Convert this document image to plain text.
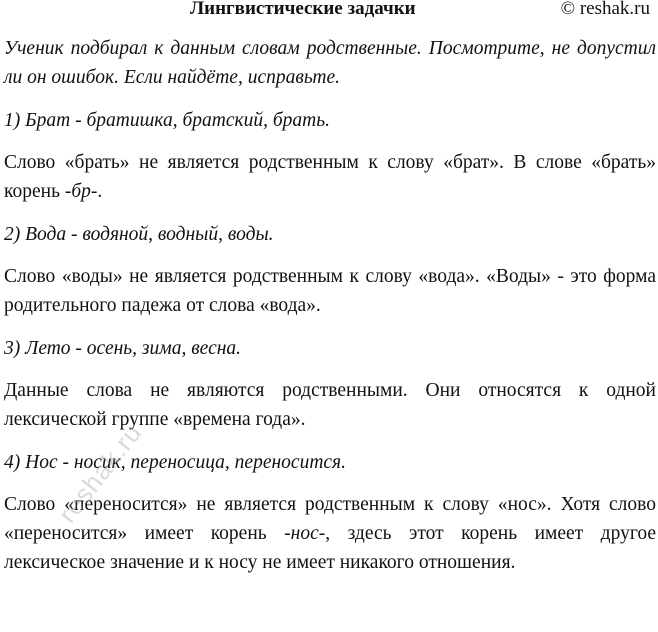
Лингвистические задачки	© reshak.ru

Ученик подбирал к данным словам родственные. Посмотрите, не допустил ли он ошибок. Если найдёте, исправьте.

1) Брат - братишка, братский, брать.

Слово «брать» не является родственным к слову «брат». В слове «брать» корень -бр-.

2) Вода - водяной, водный, воды.

Слово «воды» не является родственным к слову «вода». «Воды» - это форма родительного падежа от слова «вода».

3) Лето - осень, зима, весна.

Данные слова не являются родственными. Они относятся к одной лексической группе «времена года».

4) Нос - носик, переносица, переносится.

Слово «переносится» не является родственным к слову «нос». Хотя слово «переносится» имеет корень -нос-, здесь этот корень имеет другое лексическое значение и к носу не имеет никакого отношения.

reshak.ru
